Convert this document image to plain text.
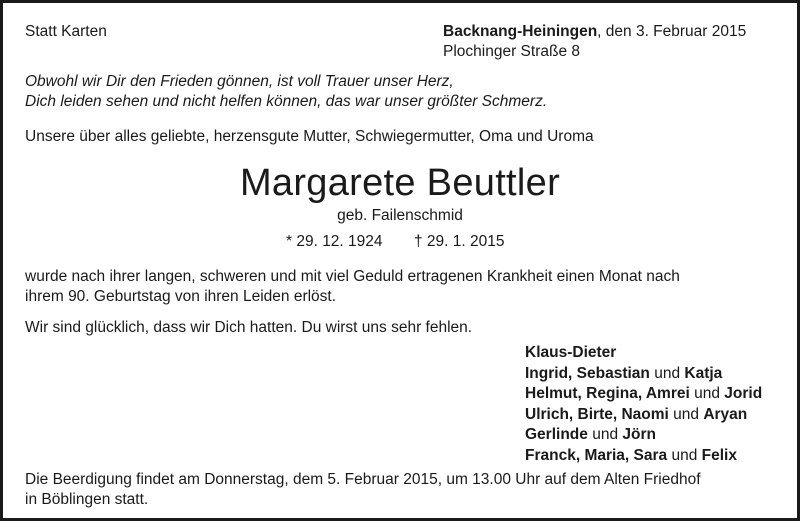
Statt Karten	Backnang-Heiningen, den 3. Februar 2015
Plochinger Straße 8
Obwohl wir Dir den Frieden gönnen, ist voll Trauer unser Herz,
Dich leiden sehen und nicht helfen können, das war unser größter Schmerz.
Unsere über alles geliebte, herzensgute Mutter, Schwiegermutter, Oma und Uroma
Margarete Beuttler
geb. Failenschmid
* 29. 12. 1924 † 29. 1. 2015
wurde nach ihrer langen, schweren und mit viel Geduld ertragenen Krankheit einen Monat nach
ihrem 90. Geburtstag von ihren Leiden erlöst.
Wir sind glücklich, dass wir Dich hatten. Du wirst uns sehr fehlen.
Klaus-Dieter
Ingrid, Sebastian und Katja
Helmut, Regina, Amrei und Jorid
Ulrich, Birte, Naomi und Aryan
Gerlinde und Jörn
Franck, Maria, Sara und Felix
Die Beerdigung findet am Donnerstag, dem 5. Februar 2015, um 13.00 Uhr auf dem Alten Friedhof
in Böblingen statt.
